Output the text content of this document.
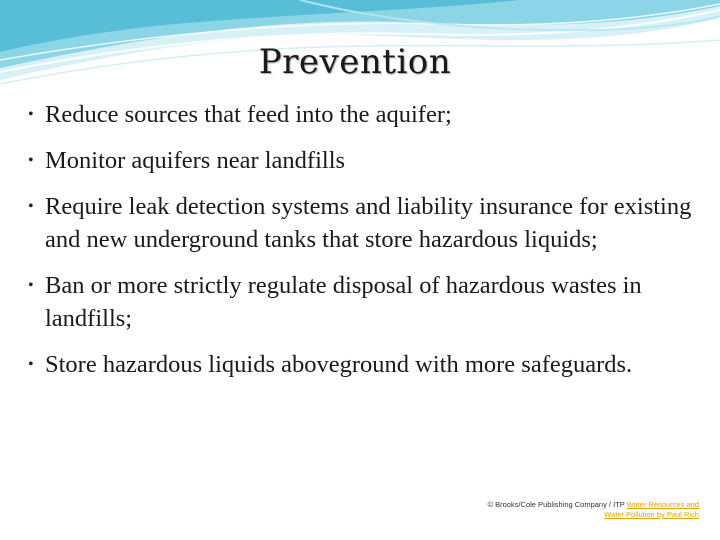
Prevention
• Reduce sources that feed into the aquifer;
• Monitor aquifers near landfills
• Require leak detection systems and liability insurance for existing and new underground tanks that store hazardous liquids;
• Ban or more strictly regulate disposal of hazardous wastes in landfills;
• Store hazardous liquids aboveground with more safeguards.
© Brooks/Cole Publishing Company / ITP Water Resources and Water Pollution by Paul Rich
